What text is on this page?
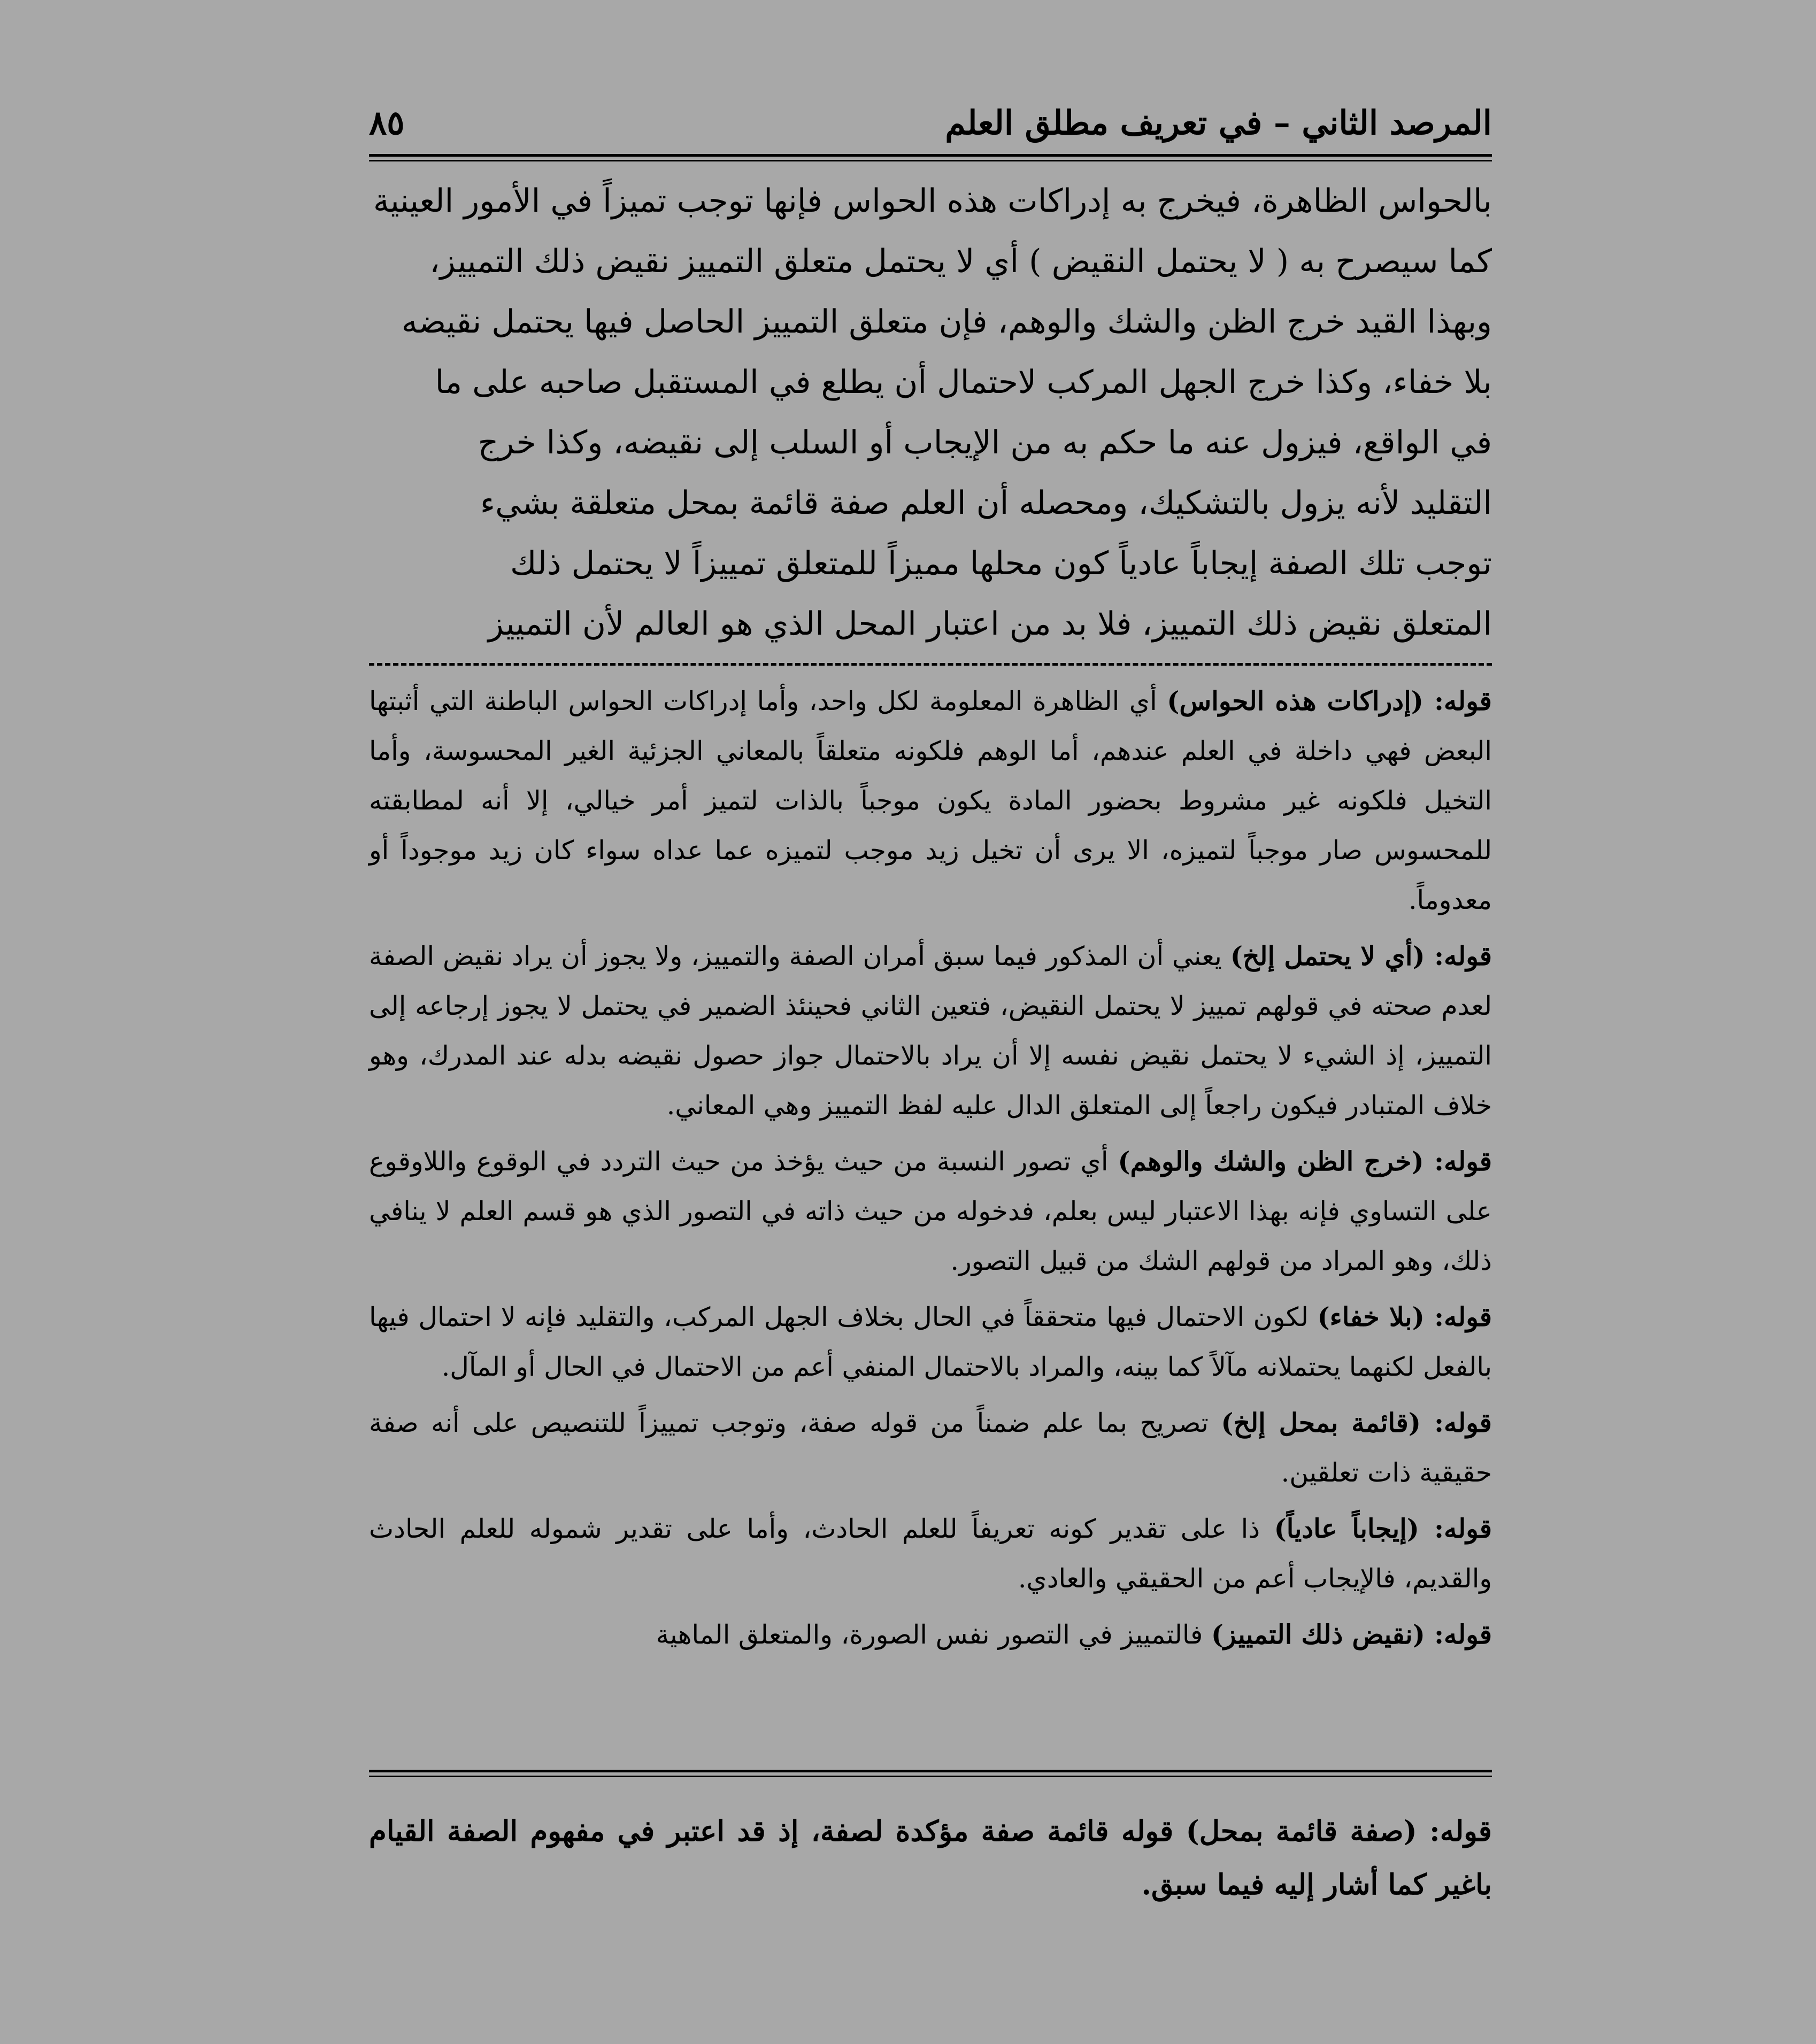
المرصد الثاني – في تعريف مطلق العلم
٨٥

بالحواس الظاهرة، فيخرج به إدراكات هذه الحواس فإنها توجب تميزاً في الأمور العينية

كما سيصرح به ( لا يحتمل النقيض ) أي لا يحتمل متعلق التمييز نقيض ذلك التمييز،

وبهذا القيد خرج الظن والشك والوهم، فإن متعلق التمييز الحاصل فيها يحتمل نقيضه

بلا خفاء، وكذا خرج الجهل المركب لاحتمال أن يطلع في المستقبل صاحبه على ما

في الواقع، فيزول عنه ما حكم به من الإيجاب أو السلب إلى نقيضه، وكذا خرج

التقليد لأنه يزول بالتشكيك، ومحصله أن العلم صفة قائمة بمحل متعلقة بشيء

توجب تلك الصفة إيجاباً عادياً كون محلها مميزاً للمتعلق تمييزاً لا يحتمل ذلك

المتعلق نقيض ذلك التمييز، فلا بد من اعتبار المحل الذي هو العالم لأن التمييز

قوله: (إدراكات هذه الحواس) أي الظاهرة المعلومة لكل واحد، وأما إدراكات الحواس الباطنة التي أثبتها البعض فهي داخلة في العلم عندهم، أما الوهم فلكونه متعلقاً بالمعاني الجزئية الغير المحسوسة، وأما التخيل فلكونه غير مشروط بحضور المادة يكون موجباً بالذات لتميز أمر خيالي، إلا أنه لمطابقته للمحسوس صار موجباً لتميزه، الا يرى أن تخيل زيد موجب لتميزه عما عداه سواء كان زيد موجوداً أو معدوماً.

قوله: (أي لا يحتمل إلخ) يعني أن المذكور فيما سبق أمران الصفة والتمييز، ولا يجوز أن يراد نقيض الصفة لعدم صحته في قولهم تمييز لا يحتمل النقيض، فتعين الثاني فحينئذ الضمير في يحتمل لا يجوز إرجاعه إلى التمييز، إذ الشيء لا يحتمل نقيض نفسه إلا أن يراد بالاحتمال جواز حصول نقيضه بدله عند المدرك، وهو خلاف المتبادر فيكون راجعاً إلى المتعلق الدال عليه لفظ التمييز وهي المعاني.

قوله: (خرج الظن والشك والوهم) أي تصور النسبة من حيث يؤخذ من حيث التردد في الوقوع واللاوقوع على التساوي فإنه بهذا الاعتبار ليس بعلم، فدخوله من حيث ذاته في التصور الذي هو قسم العلم لا ينافي ذلك، وهو المراد من قولهم الشك من قبيل التصور.

قوله: (بلا خفاء) لكون الاحتمال فيها متحققاً في الحال بخلاف الجهل المركب، والتقليد فإنه لا احتمال فيها بالفعل لكنهما يحتملانه مآلاً كما بينه، والمراد بالاحتمال المنفي أعم من الاحتمال في الحال أو المآل.

قوله: (قائمة بمحل إلخ) تصريح بما علم ضمناً من قوله صفة، وتوجب تمييزاً للتنصيص على أنه صفة حقيقية ذات تعلقين.

قوله: (إيجاباً عادياً) ذا على تقدير كونه تعريفاً للعلم الحادث، وأما على تقدير شموله للعلم الحادث والقديم، فالإيجاب أعم من الحقيقي والعادي.

قوله: (نقيض ذلك التمييز) فالتمييز في التصور نفس الصورة، والمتعلق الماهية

قوله: (صفة قائمة بمحل) قوله قائمة صفة مؤكدة لصفة، إذ قد اعتبر في مفهوم الصفة القيام باغير كما أشار إليه فيما سبق.
